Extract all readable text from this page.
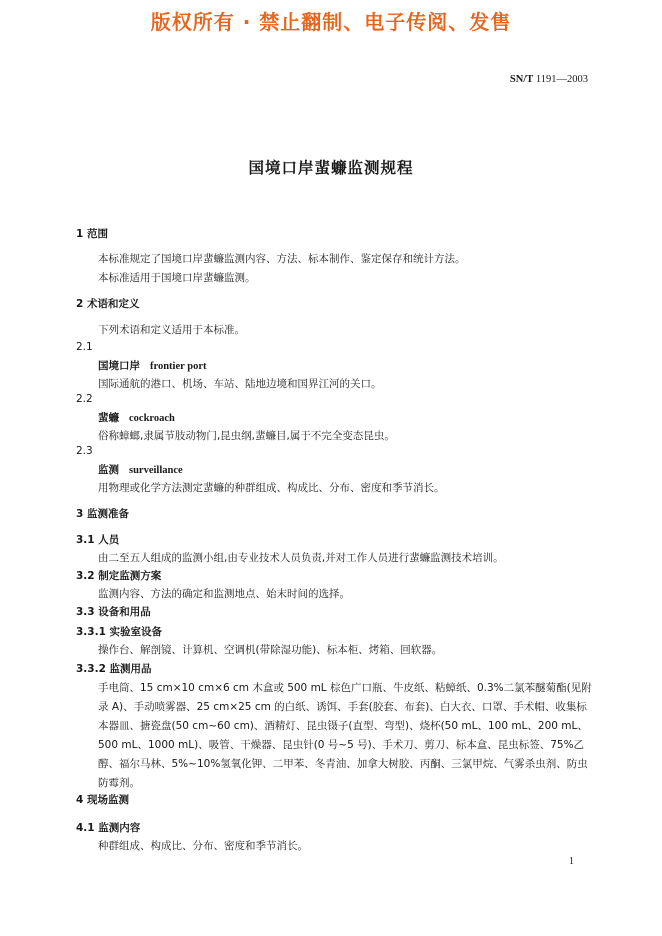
版权所有 · 禁止翻制、电子传阅、发售
SN/T 1191—2003
国境口岸蜚蠊监测规程
1 范围
本标准规定了国境口岸蜚蠊监测内容、方法、标本制作、鉴定保存和统计方法。
本标准适用于国境口岸蜚蠊监测。
2 术语和定义
下列术语和定义适用于本标准。
2.1
国境口岸 frontier port
国际通航的港口、机场、车站、陆地边境和国界江河的关口。
2.2
蜚蠊 cockroach
俗称蟑螂,隶属节肢动物门,昆虫纲,蜚蠊目,属于不完全变态昆虫。
2.3
监测 surveillance
用物理或化学方法测定蜚蠊的种群组成、构成比、分布、密度和季节消长。
3 监测准备
3.1 人员
由二至五人组成的监测小组,由专业技术人员负责,并对工作人员进行蜚蠊监测技术培训。
3.2 制定监测方案
监测内容、方法的确定和监测地点、始末时间的选择。
3.3 设备和用品
3.3.1 实验室设备
操作台、解剖镜、计算机、空调机(带除湿功能)、标本柜、烤箱、回软器。
3.3.2 监测用品

手电筒、15 cm×10 cm×6 cm 木盒或 500 mL 棕色广口瓶、牛皮纸、粘蟑纸、0.3%二氯苯醚菊酯(见附录 A)、手动喷雾器、25 cm×25 cm 的白纸、诱饵、手套(胶套、布套)、白大衣、口罩、手术帽、收集标本器皿、搪瓷盘(50 cm~60 cm)、酒精灯、昆虫镊子(直型、弯型)、烧杯(50 mL、100 mL、200 mL、500 mL、1000 mL)、吸管、干燥器、昆虫针(0 号~5 号)、手术刀、剪刀、标本盒、昆虫标签、75%乙醇、福尔马林、5%~10%氢氧化钾、二甲苯、冬青油、加拿大树胶、丙酮、三氯甲烷、气雾杀虫剂、防虫防霉剂。

4 现场监测
4.1 监测内容
种群组成、构成比、分布、密度和季节消长。
1
